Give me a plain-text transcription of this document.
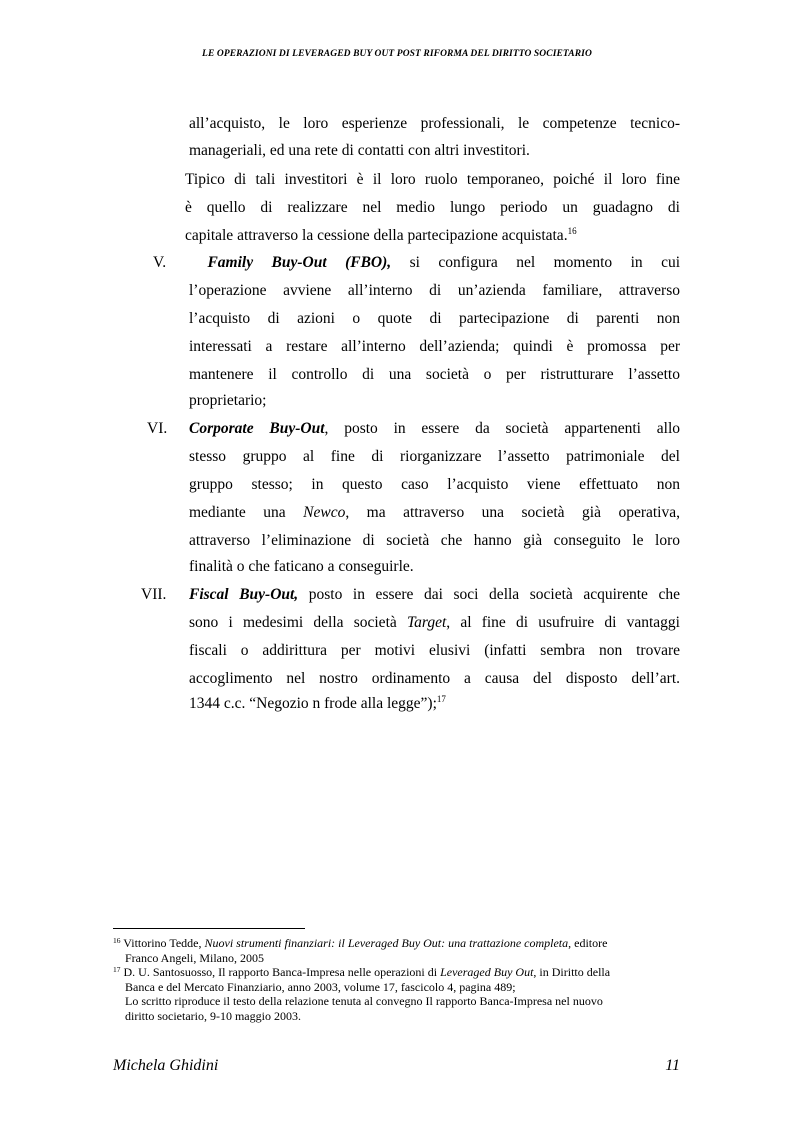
LE OPERAZIONI DI LEVERAGED BUY OUT POST RIFORMA DEL DIRITTO SOCIETARIO
all’acquisto, le loro esperienze professionali, le competenze tecnico-
manageriali, ed una rete di contatti con altri investitori.
Tipico di tali investitori è il loro ruolo temporaneo, poiché il loro fine
è quello di realizzare nel medio lungo periodo un guadagno di
capitale attraverso la cessione della partecipazione acquistata.$^{16}$
V.	Family Buy-Out (FBO), si configura nel momento in cui
l’operazione avviene all’interno di un’azienda familiare, attraverso
l’acquisto di azioni o quote di partecipazione di parenti non
interessati a restare all’interno dell’azienda; quindi è promossa per
mantenere il controllo di una società o per ristrutturare l’assetto
proprietario;
VI. Corporate Buy-Out, posto in essere da società appartenenti allo
stesso gruppo al fine di riorganizzare l’assetto patrimoniale del
gruppo stesso; in questo caso l’acquisto viene effettuato non
mediante una Newco, ma attraverso una società già operativa,
attraverso l’eliminazione di società che hanno già conseguito le loro
finalità o che faticano a conseguirle.
VII. Fiscal Buy-Out, posto in essere dai soci della società acquirente che
sono i medesimi della società Target, al fine di usufruire di vantaggi
fiscali o addirittura per motivi elusivi (infatti sembra non trovare
accoglimento nel nostro ordinamento a causa del disposto dell’art.
1344 c.c. “Negozio n frode alla legge”);$^{17}$
$^{16}$ Vittorino Tedde, Nuovi strumenti finanziari: il Leveraged Buy Out: una trattazione completa, editore
Franco Angeli, Milano, 2005
$^{17}$ D. U. Santosuosso, Il rapporto Banca-Impresa nelle operazioni di Leveraged Buy Out, in Diritto della
Banca e del Mercato Finanziario, anno 2003, volume 17, fascicolo 4, pagina 489;
Lo scritto riproduce il testo della relazione tenuta al convegno Il rapporto Banca-Impresa nel nuovo
diritto societario, 9-10 maggio 2003.
Michela Ghidini	11
